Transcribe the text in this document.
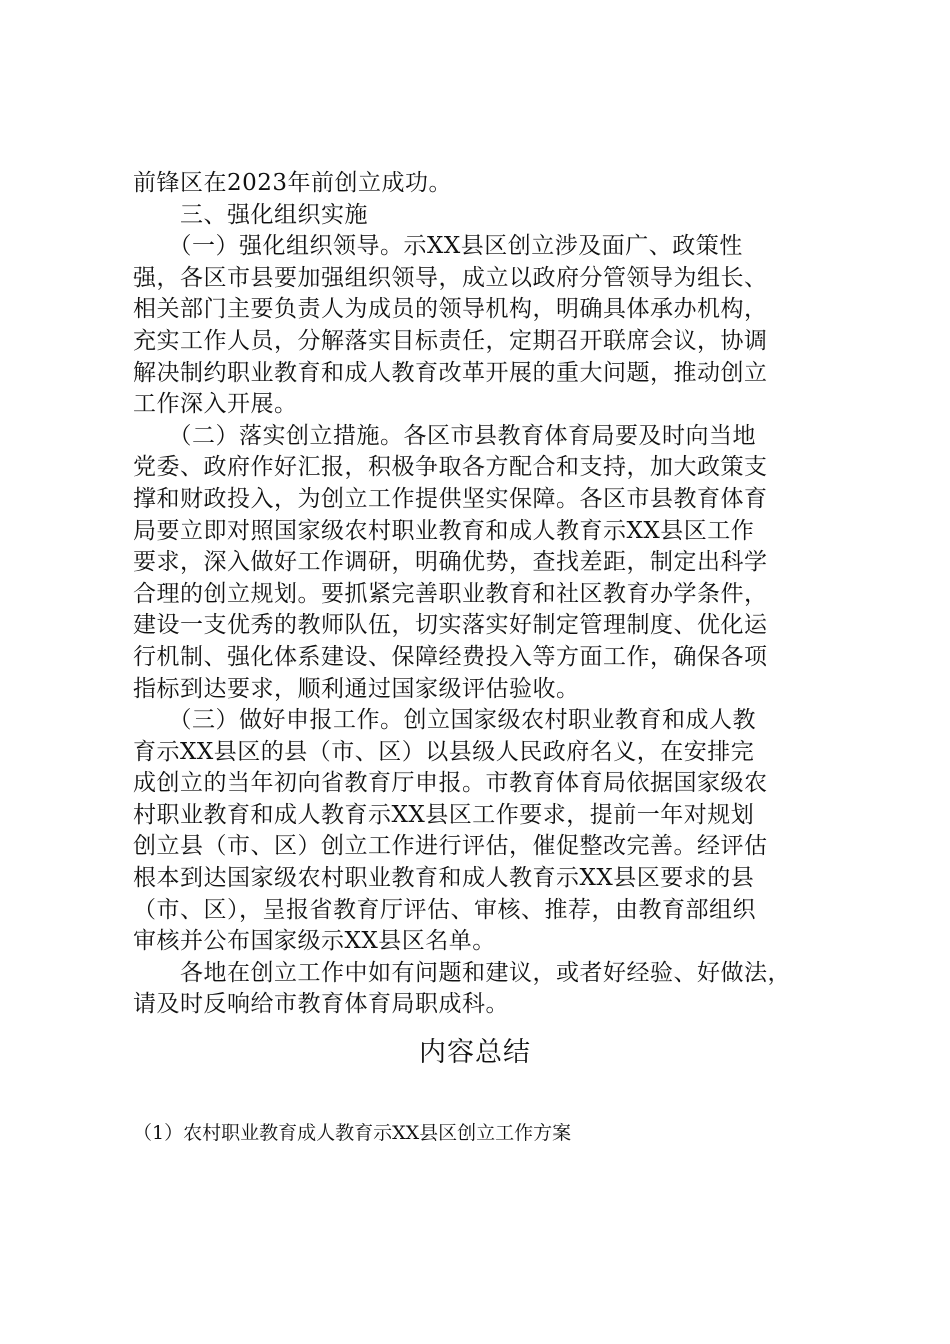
前锋区在2023年前创立成功。
　　三、强化组织实施
　　（一）强化组织领导。示XX县区创立涉及面广、政策性
强，各区市县要加强组织领导，成立以政府分管领导为组长、
相关部门主要负责人为成员的领导机构，明确具体承办机构，
充实工作人员，分解落实目标责任，定期召开联席会议，协调
解决制约职业教育和成人教育改革开展的重大问题，推动创立
工作深入开展。
　　（二）落实创立措施。各区市县教育体育局要及时向当地
党委、政府作好汇报，积极争取各方配合和支持，加大政策支
撑和财政投入，为创立工作提供坚实保障。各区市县教育体育
局要立即对照国家级农村职业教育和成人教育示XX县区工作
要求，深入做好工作调研，明确优势，查找差距，制定出科学
合理的创立规划。要抓紧完善职业教育和社区教育办学条件，
建设一支优秀的教师队伍，切实落实好制定管理制度、优化运
行机制、强化体系建设、保障经费投入等方面工作，确保各项
指标到达要求，顺利通过国家级评估验收。
　　（三）做好申报工作。创立国家级农村职业教育和成人教
育示XX县区的县（市、区）以县级人民政府名义，在安排完
成创立的当年初向省教育厅申报。市教育体育局依据国家级农
村职业教育和成人教育示XX县区工作要求，提前一年对规划
创立县（市、区）创立工作进行评估，催促整改完善。经评估
根本到达国家级农村职业教育和成人教育示XX县区要求的县
（市、区），呈报省教育厅评估、审核、推荐，由教育部组织
审核并公布国家级示XX县区名单。
　　各地在创立工作中如有问题和建议，或者好经验、好做法，
请及时反响给市教育体育局职成科。
内容总结
（1）农村职业教育成人教育示XX县区创立工作方案
